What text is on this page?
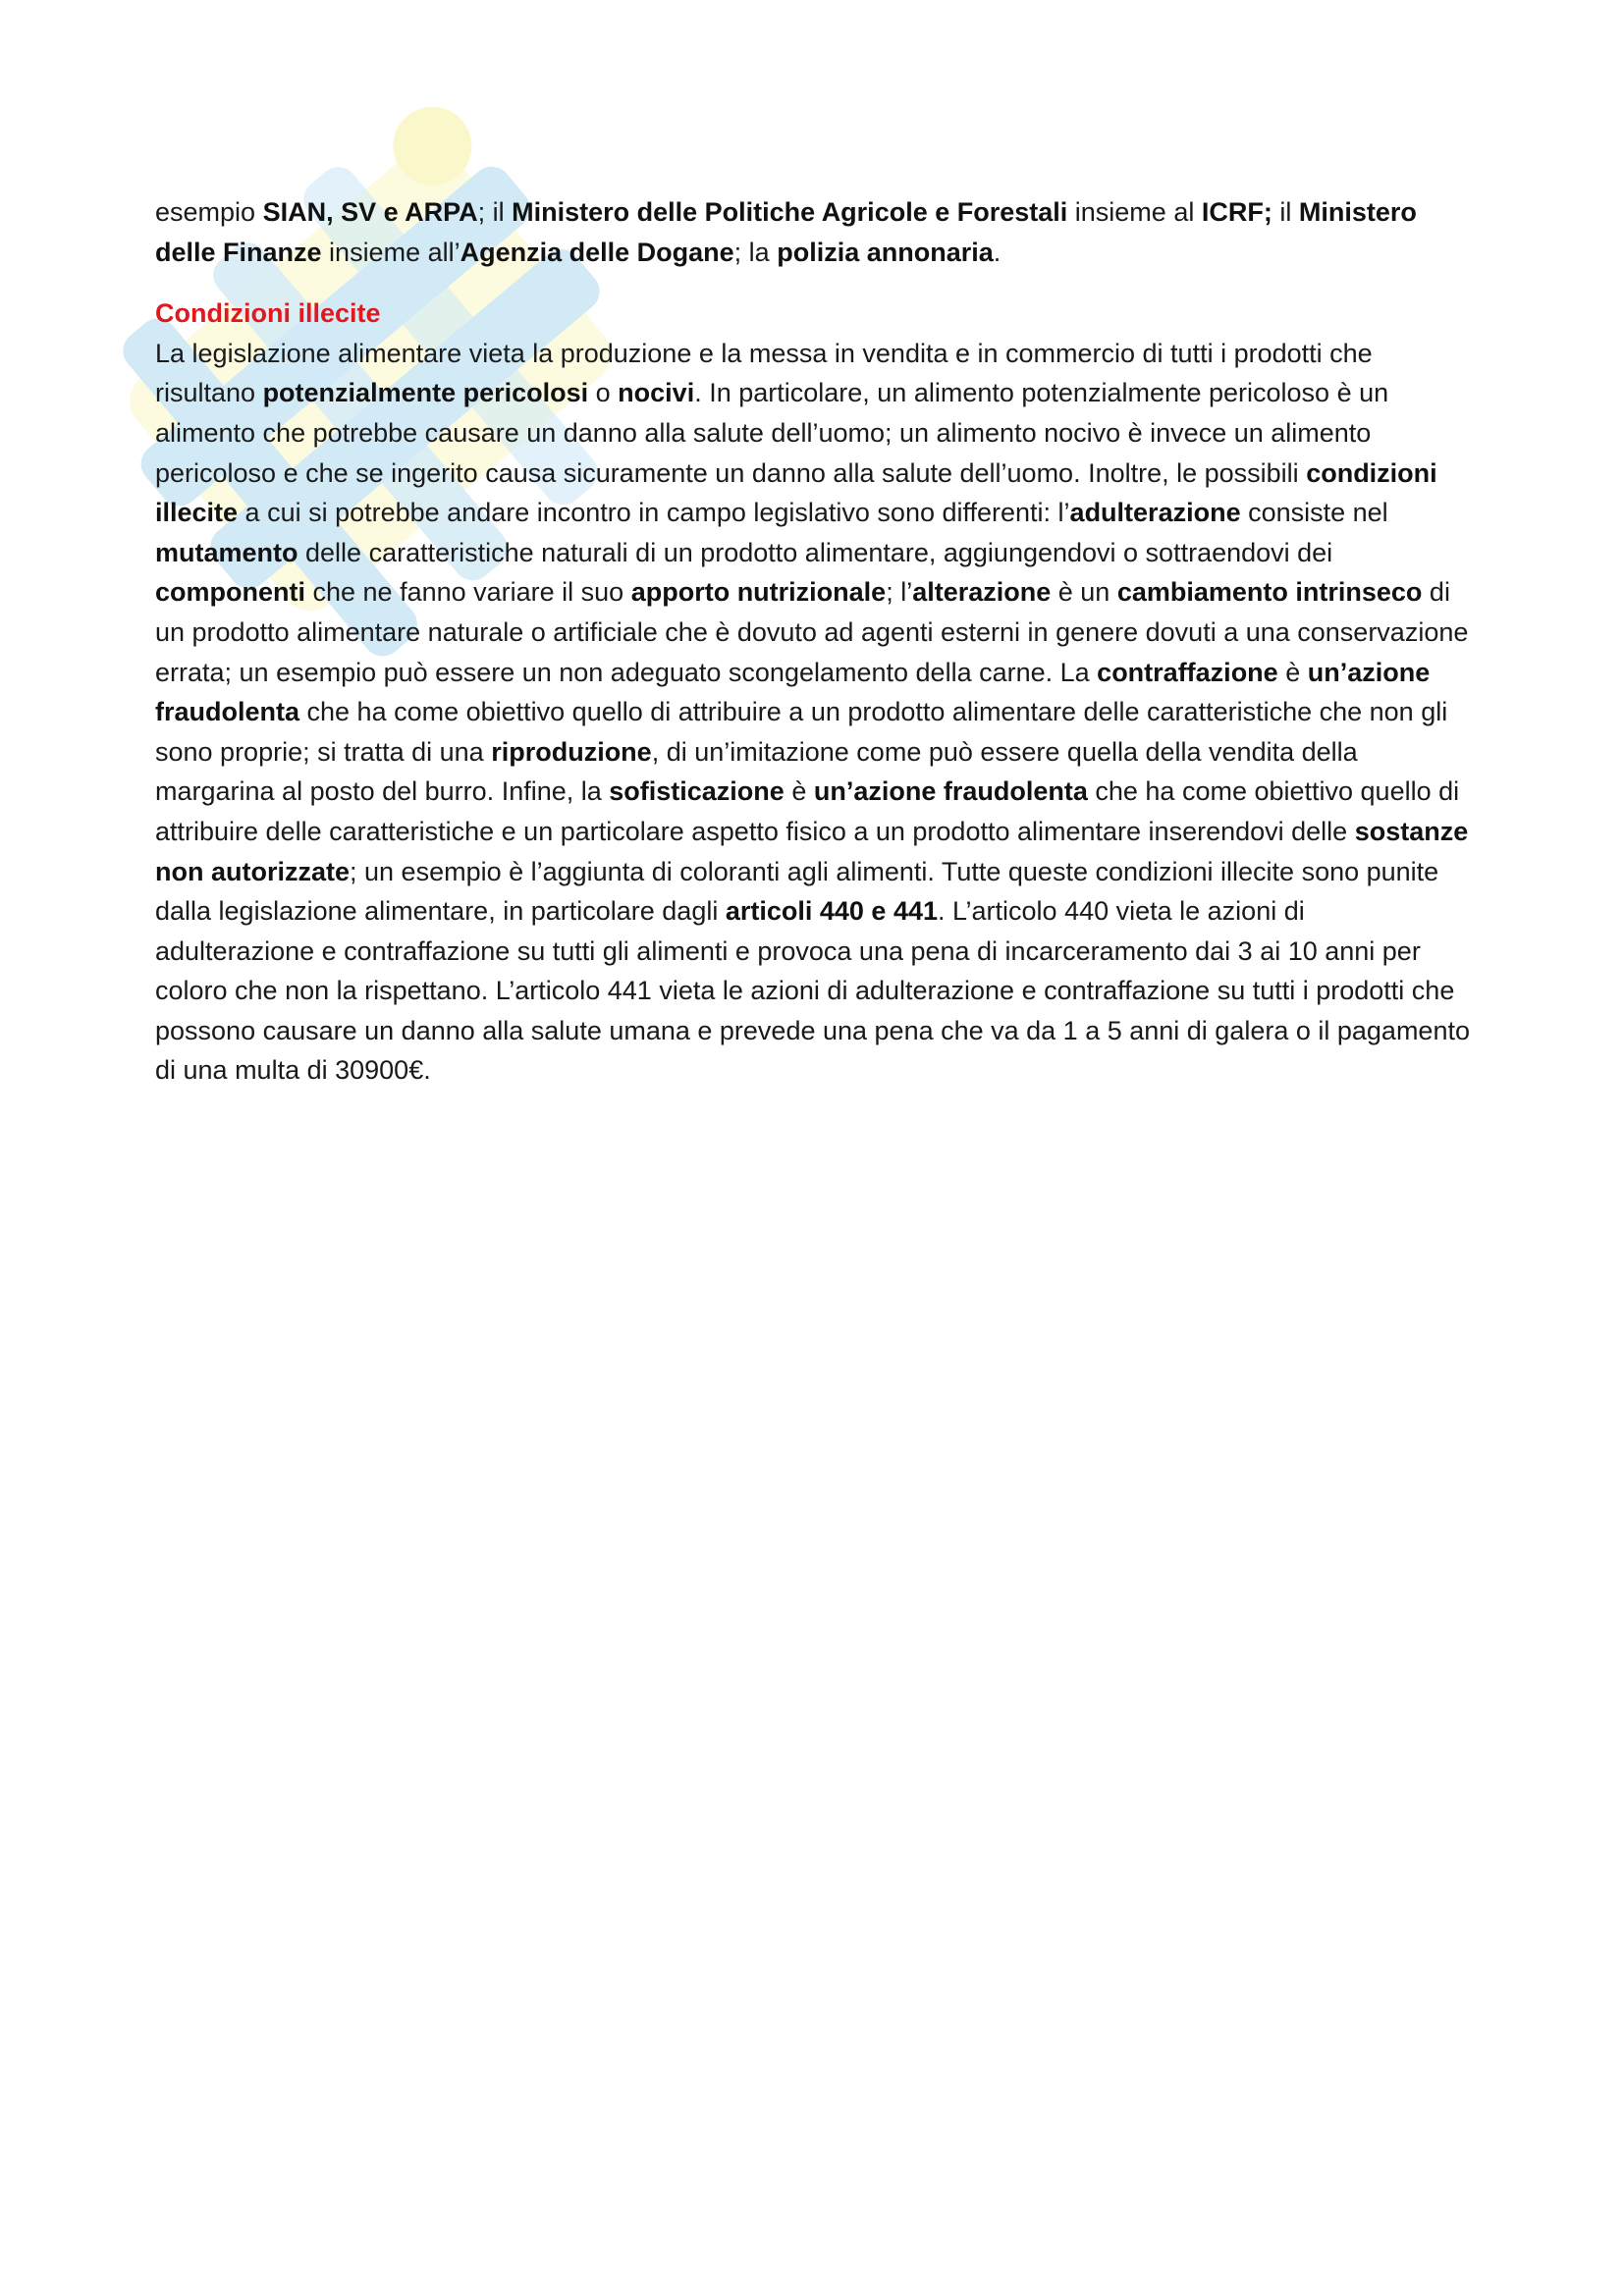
esempio SIAN, SV e ARPA; il Ministero delle Politiche Agricole e Forestali insieme al ICRF; il Ministero delle Finanze insieme all’Agenzia delle Dogane; la polizia annonaria.

Condizioni illecite

La legislazione alimentare vieta la produzione e la messa in vendita e in commercio di tutti i prodotti che risultano potenzialmente pericolosi o nocivi. In particolare, un alimento potenzialmente pericoloso è un alimento che potrebbe causare un danno alla salute dell’uomo; un alimento nocivo è invece un alimento pericoloso e che se ingerito causa sicuramente un danno alla salute dell’uomo. Inoltre, le possibili condizioni illecite a cui si potrebbe andare incontro in campo legislativo sono differenti: l’adulterazione consiste nel mutamento delle caratteristiche naturali di un prodotto alimentare, aggiungendovi o sottraendovi dei componenti che ne fanno variare il suo apporto nutrizionale; l’alterazione è un cambiamento intrinseco di un prodotto alimentare naturale o artificiale che è dovuto ad agenti esterni in genere dovuti a una conservazione errata; un esempio può essere un non adeguato scongelamento della carne. La contraffazione è un’azione fraudolenta che ha come obiettivo quello di attribuire a un prodotto alimentare delle caratteristiche che non gli sono proprie; si tratta di una riproduzione, di un’imitazione come può essere quella della vendita della margarina al posto del burro. Infine, la sofisticazione è un’azione fraudolenta che ha come obiettivo quello di attribuire delle caratteristiche e un particolare aspetto fisico a un prodotto alimentare inserendovi delle sostanze non autorizzate; un esempio è l’aggiunta di coloranti agli alimenti. Tutte queste condizioni illecite sono punite dalla legislazione alimentare, in particolare dagli articoli 440 e 441. L’articolo 440 vieta le azioni di adulterazione e contraffazione su tutti gli alimenti e provoca una pena di incarceramento dai 3 ai 10 anni per coloro che non la rispettano. L’articolo 441 vieta le azioni di adulterazione e contraffazione su tutti i prodotti che possono causare un danno alla salute umana e prevede una pena che va da 1 a 5 anni di galera o il pagamento di una multa di 30900€.
